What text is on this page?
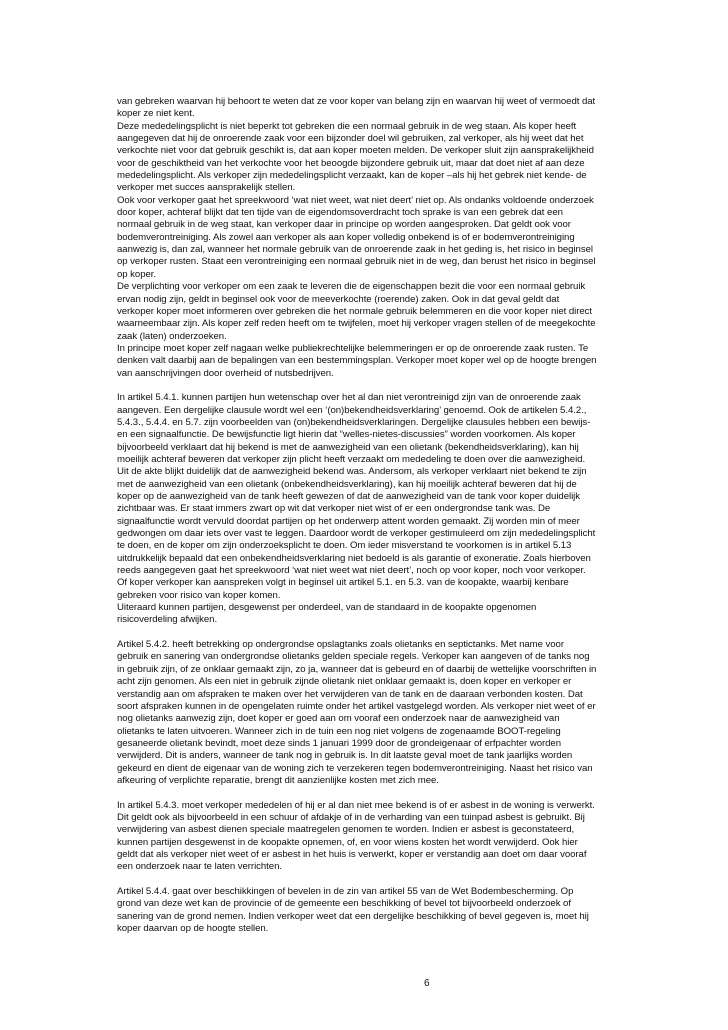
van gebreken waarvan hij behoort te weten dat ze voor koper van belang zijn en waarvan hij weet of vermoedt dat
koper ze niet kent.

Deze mededelingsplicht is niet beperkt tot gebreken die een normaal gebruik in de weg staan. Als koper heeft
aangegeven dat hij de onroerende zaak voor een bijzonder doel wil gebruiken, zal verkoper, als hij weet dat het
verkochte niet voor dat gebruik geschikt is, dat aan koper moeten melden. De verkoper sluit zijn aansprakelijkheid
voor de geschiktheid van het verkochte voor het beoogde bijzondere gebruik uit, maar dat doet niet af aan deze
mededelingsplicht. Als verkoper zijn mededelingsplicht verzaakt, kan de koper –als hij het gebrek niet kende- de
verkoper met succes aansprakelijk stellen.

Ook voor verkoper gaat het spreekwoord ‘wat niet weet, wat niet deert’ niet op. Als ondanks voldoende onderzoek
door koper, achteraf blijkt dat ten tijde van de eigendomsoverdracht toch sprake is van een gebrek dat een
normaal gebruik in de weg staat, kan verkoper daar in principe op worden aangesproken. Dat geldt ook voor
bodemverontreiniging. Als zowel aan verkoper als aan koper volledig onbekend is of er bodemverontreiniging
aanwezig is, dan zal, wanneer het normale gebruik van de onroerende zaak in het geding is, het risico in beginsel
op verkoper rusten. Staat een verontreiniging een normaal gebruik niet in de weg, dan berust het risico in beginsel
op koper.

De verplichting voor verkoper om een zaak te leveren die de eigenschappen bezit die voor een normaal gebruik
ervan nodig zijn, geldt in beginsel ook voor de meeverkochte (roerende) zaken. Ook in dat geval geldt dat
verkoper koper moet informeren over gebreken die het normale gebruik belemmeren en die voor koper niet direct
waarneembaar zijn. Als koper zelf reden heeft om te twijfelen, moet hij verkoper vragen stellen of de meegekochte
zaak (laten) onderzoeken.

In principe moet koper zelf nagaan welke publiekrechtelijke belemmeringen er op de onroerende zaak rusten. Te
denken valt daarbij aan de bepalingen van een bestemmingsplan. Verkoper moet koper wel op de hoogte brengen
van aanschrijvingen door overheid of nutsbedrijven.

In artikel 5.4.1. kunnen partijen hun wetenschap over het al dan niet verontreinigd zijn van de onroerende zaak
aangeven. Een dergelijke clausule wordt wel een ‘(on)bekendheidsverklaring’ genoemd. Ook de artikelen 5.4.2.,
5.4.3., 5.4.4. en 5.7. zijn voorbeelden van (on)bekendheidsverklaringen. Dergelijke clausules hebben een bewijs-
en een signaalfunctie. De bewijsfunctie ligt hierin dat “welles-nietes-discussies” worden voorkomen. Als koper
bijvoorbeeld verklaart dat hij bekend is met de aanwezigheid van een olietank (bekendheidsverklaring), kan hij
moeilijk achteraf beweren dat verkoper zijn plicht heeft verzaakt om mededeling te doen over die aanwezigheid.
Uit de akte blijkt duidelijk dat de aanwezigheid bekend was. Andersom, als verkoper verklaart niet bekend te zijn
met de aanwezigheid van een olietank (onbekendheidsverklaring), kan hij moeilijk achteraf beweren dat hij de
koper op de aanwezigheid van de tank heeft gewezen of dat de aanwezigheid van de tank voor koper duidelijk
zichtbaar was. Er staat immers zwart op wit dat verkoper niet wist of er een ondergrondse tank was. De
signaalfunctie wordt vervuld doordat partijen op het onderwerp attent worden gemaakt. Zij worden min of meer
gedwongen om daar iets over vast te leggen. Daardoor wordt de verkoper gestimuleerd om zijn mededelingsplicht
te doen, en de koper om zijn onderzoeksplicht te doen. Om ieder misverstand te voorkomen is in artikel 5.13
uitdrukkelijk bepaald dat een onbekendheidsverklaring niet bedoeld is als garantie of exoneratie. Zoals hierboven
reeds aangegeven gaat het spreekwoord ‘wat niet weet wat niet deert’, noch op voor koper, noch voor verkoper.
Of koper verkoper kan aanspreken volgt in beginsel uit artikel 5.1. en 5.3. van de koopakte, waarbij kenbare
gebreken voor risico van koper komen.

Uiteraard kunnen partijen, desgewenst per onderdeel, van de standaard in de koopakte opgenomen
risicoverdeling afwijken.

Artikel 5.4.2. heeft betrekking op ondergrondse opslagtanks zoals olietanks en septictanks. Met name voor
gebruik en sanering van ondergrondse olietanks gelden speciale regels. Verkoper kan aangeven of de tanks nog
in gebruik zijn, of ze onklaar gemaakt zijn, zo ja, wanneer dat is gebeurd en of daarbij de wettelijke voorschriften in
acht zijn genomen. Als een niet in gebruik zijnde olietank niet onklaar gemaakt is, doen koper en verkoper er
verstandig aan om afspraken te maken over het verwijderen van de tank en de daaraan verbonden kosten. Dat
soort afspraken kunnen in de opengelaten ruimte onder het artikel vastgelegd worden. Als verkoper niet weet of er
nog olietanks aanwezig zijn, doet koper er goed aan om vooraf een onderzoek naar de aanwezigheid van
olietanks te laten uitvoeren. Wanneer zich in de tuin een nog niet volgens de zogenaamde BOOT-regeling
gesaneerde olietank bevindt, moet deze sinds 1 januari 1999 door de grondeigenaar of erfpachter worden
verwijderd. Dit is anders, wanneer de tank nog in gebruik is. In dit laatste geval moet de tank jaarlijks worden
gekeurd en dient de eigenaar van de woning zich te verzekeren tegen bodemverontreiniging. Naast het risico van
afkeuring of verplichte reparatie, brengt dit aanzienlijke kosten met zich mee.

In artikel 5.4.3. moet verkoper mededelen of hij er al dan niet mee bekend is of er asbest in de woning is verwerkt.
Dit geldt ook als bijvoorbeeld in een schuur of afdakje of in de verharding van een tuinpad asbest is gebruikt. Bij
verwijdering van asbest dienen speciale maatregelen genomen te worden. Indien er asbest is geconstateerd,
kunnen partijen desgewenst in de koopakte opnemen, of, en voor wiens kosten het wordt verwijderd. Ook hier
geldt dat als verkoper niet weet of er asbest in het huis is verwerkt, koper er verstandig aan doet om daar vooraf
een onderzoek naar te laten verrichten.

Artikel 5.4.4. gaat over beschikkingen of bevelen in de zin van artikel 55 van de Wet Bodembescherming. Op
grond van deze wet kan de provincie of de gemeente een beschikking of bevel tot bijvoorbeeld onderzoek of
sanering van de grond nemen. Indien verkoper weet dat een dergelijke beschikking of bevel gegeven is, moet hij
koper daarvan op de hoogte stellen.

6
